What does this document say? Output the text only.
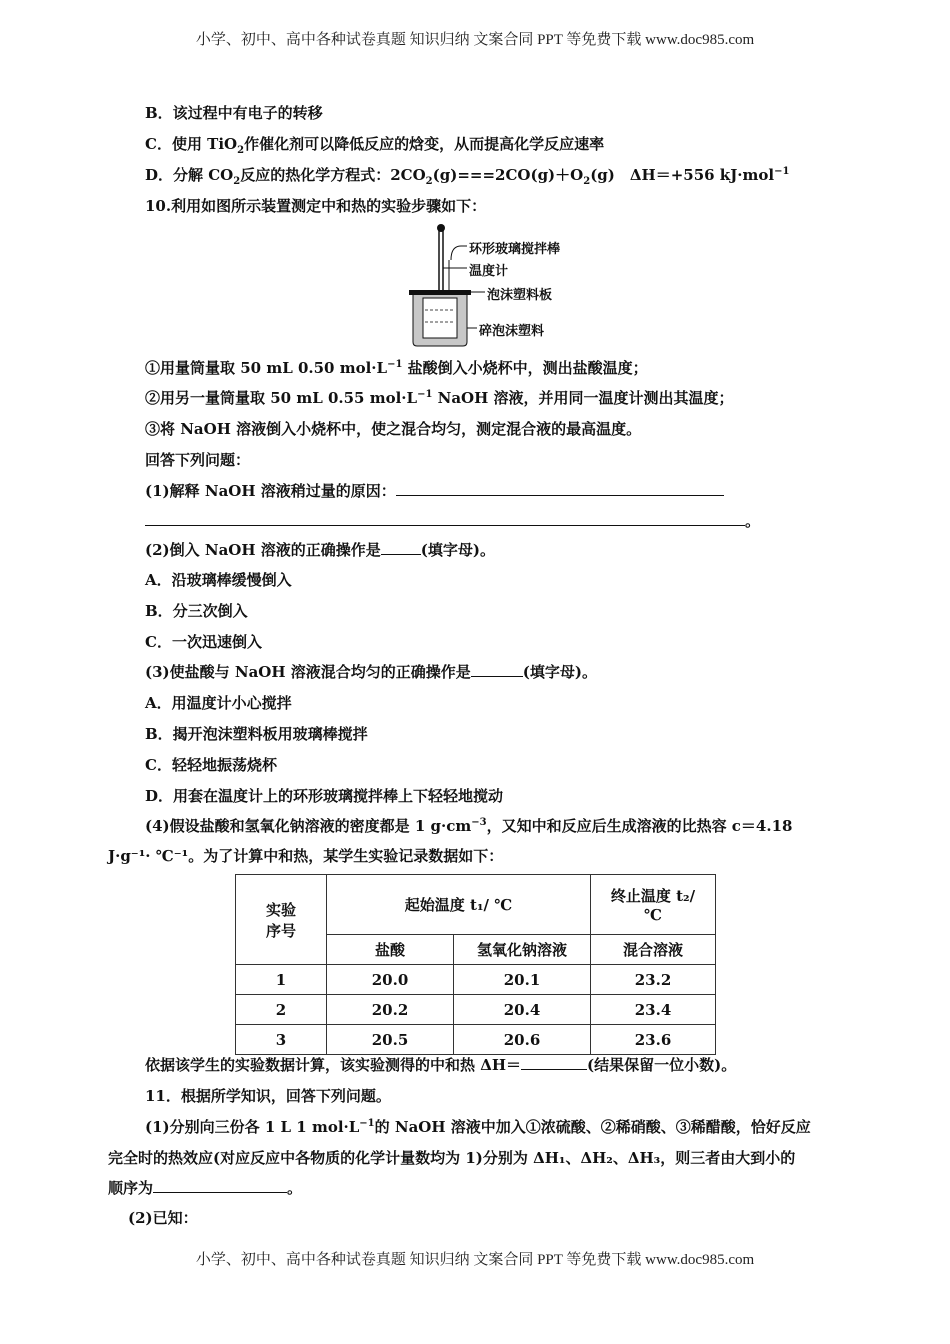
小学、初中、高中各种试卷真题 知识归纳 文案合同 PPT 等免费下载 www.doc985.com
B．该过程中有电子的转移
C．使用 TiO$_2$作催化剂可以降低反应的焓变，从而提高化学反应速率
D．分解 $CO_2$反应的热化学方程式：$2CO_2(g)===2CO(g)+O_2(g)$　ΔH＝+556 kJ·mol$^{-1}$
10.利用如图所示装置测定中和热的实验步骤如下：
环形玻璃搅拌棒
温度计
泡沫塑料板
碎泡沫塑料
①用量筒量取 50 mL 0.50 $mol\cdot L^{-1}$ 盐酸倒入小烧杯中，测出盐酸温度；
②用另一量筒量取 50 mL 0.55 $mol\cdot L^{-1}$ NaOH 溶液，并用同一温度计测出其温度；
③将 NaOH 溶液倒入小烧杯中，使之混合均匀，测定混合液的最高温度。
回答下列问题：
(1)解释 NaOH 溶液稍过量的原因：
。
(2)倒入 NaOH 溶液的正确操作是	(填字母)。
A．沿玻璃棒缓慢倒入
B．分三次倒入
C．一次迅速倒入
(3)使盐酸与 NaOH 溶液混合均匀的正确操作是	(填字母)。
A．用温度计小心搅拌
B．揭开泡沫塑料板用玻璃棒搅拌
C．轻轻地振荡烧杯
D．用套在温度计上的环形玻璃搅拌棒上下轻轻地搅动
(4)假设盐酸和氢氧化钠溶液的密度都是 1 $g\cdot cm^{-3}$，又知中和反应后生成溶液的比热容 c＝4.18
J·g⁻¹· ℃⁻¹。为了计算中和热，某学生实验记录数据如下：
实验
序号
	起始温度 t₁/ ℃	终止温度 t₂/
℃

	盐酸	氢氧化钠溶液	混合溶液
1	20.0	20.1	23.2
2	20.2	20.4	23.4
3	20.5	20.6	23.6
依据该学生的实验数据计算，该实验测得的中和热 ΔH＝	(结果保留一位小数)。
11．根据所学知识，回答下列问题。
(1)分别向三份各 1 L 1 $mol\cdot L^{-1}$的 NaOH 溶液中加入①浓硫酸、②稀硝酸、③稀醋酸，恰好反应
完全时的热效应(对应反应中各物质的化学计量数均为 1)分别为 ΔH₁、ΔH₂、ΔH₃，则三者由大到小的
顺序为	。
(2)已知：
小学、初中、高中各种试卷真题 知识归纳 文案合同 PPT 等免费下载 www.doc985.com
